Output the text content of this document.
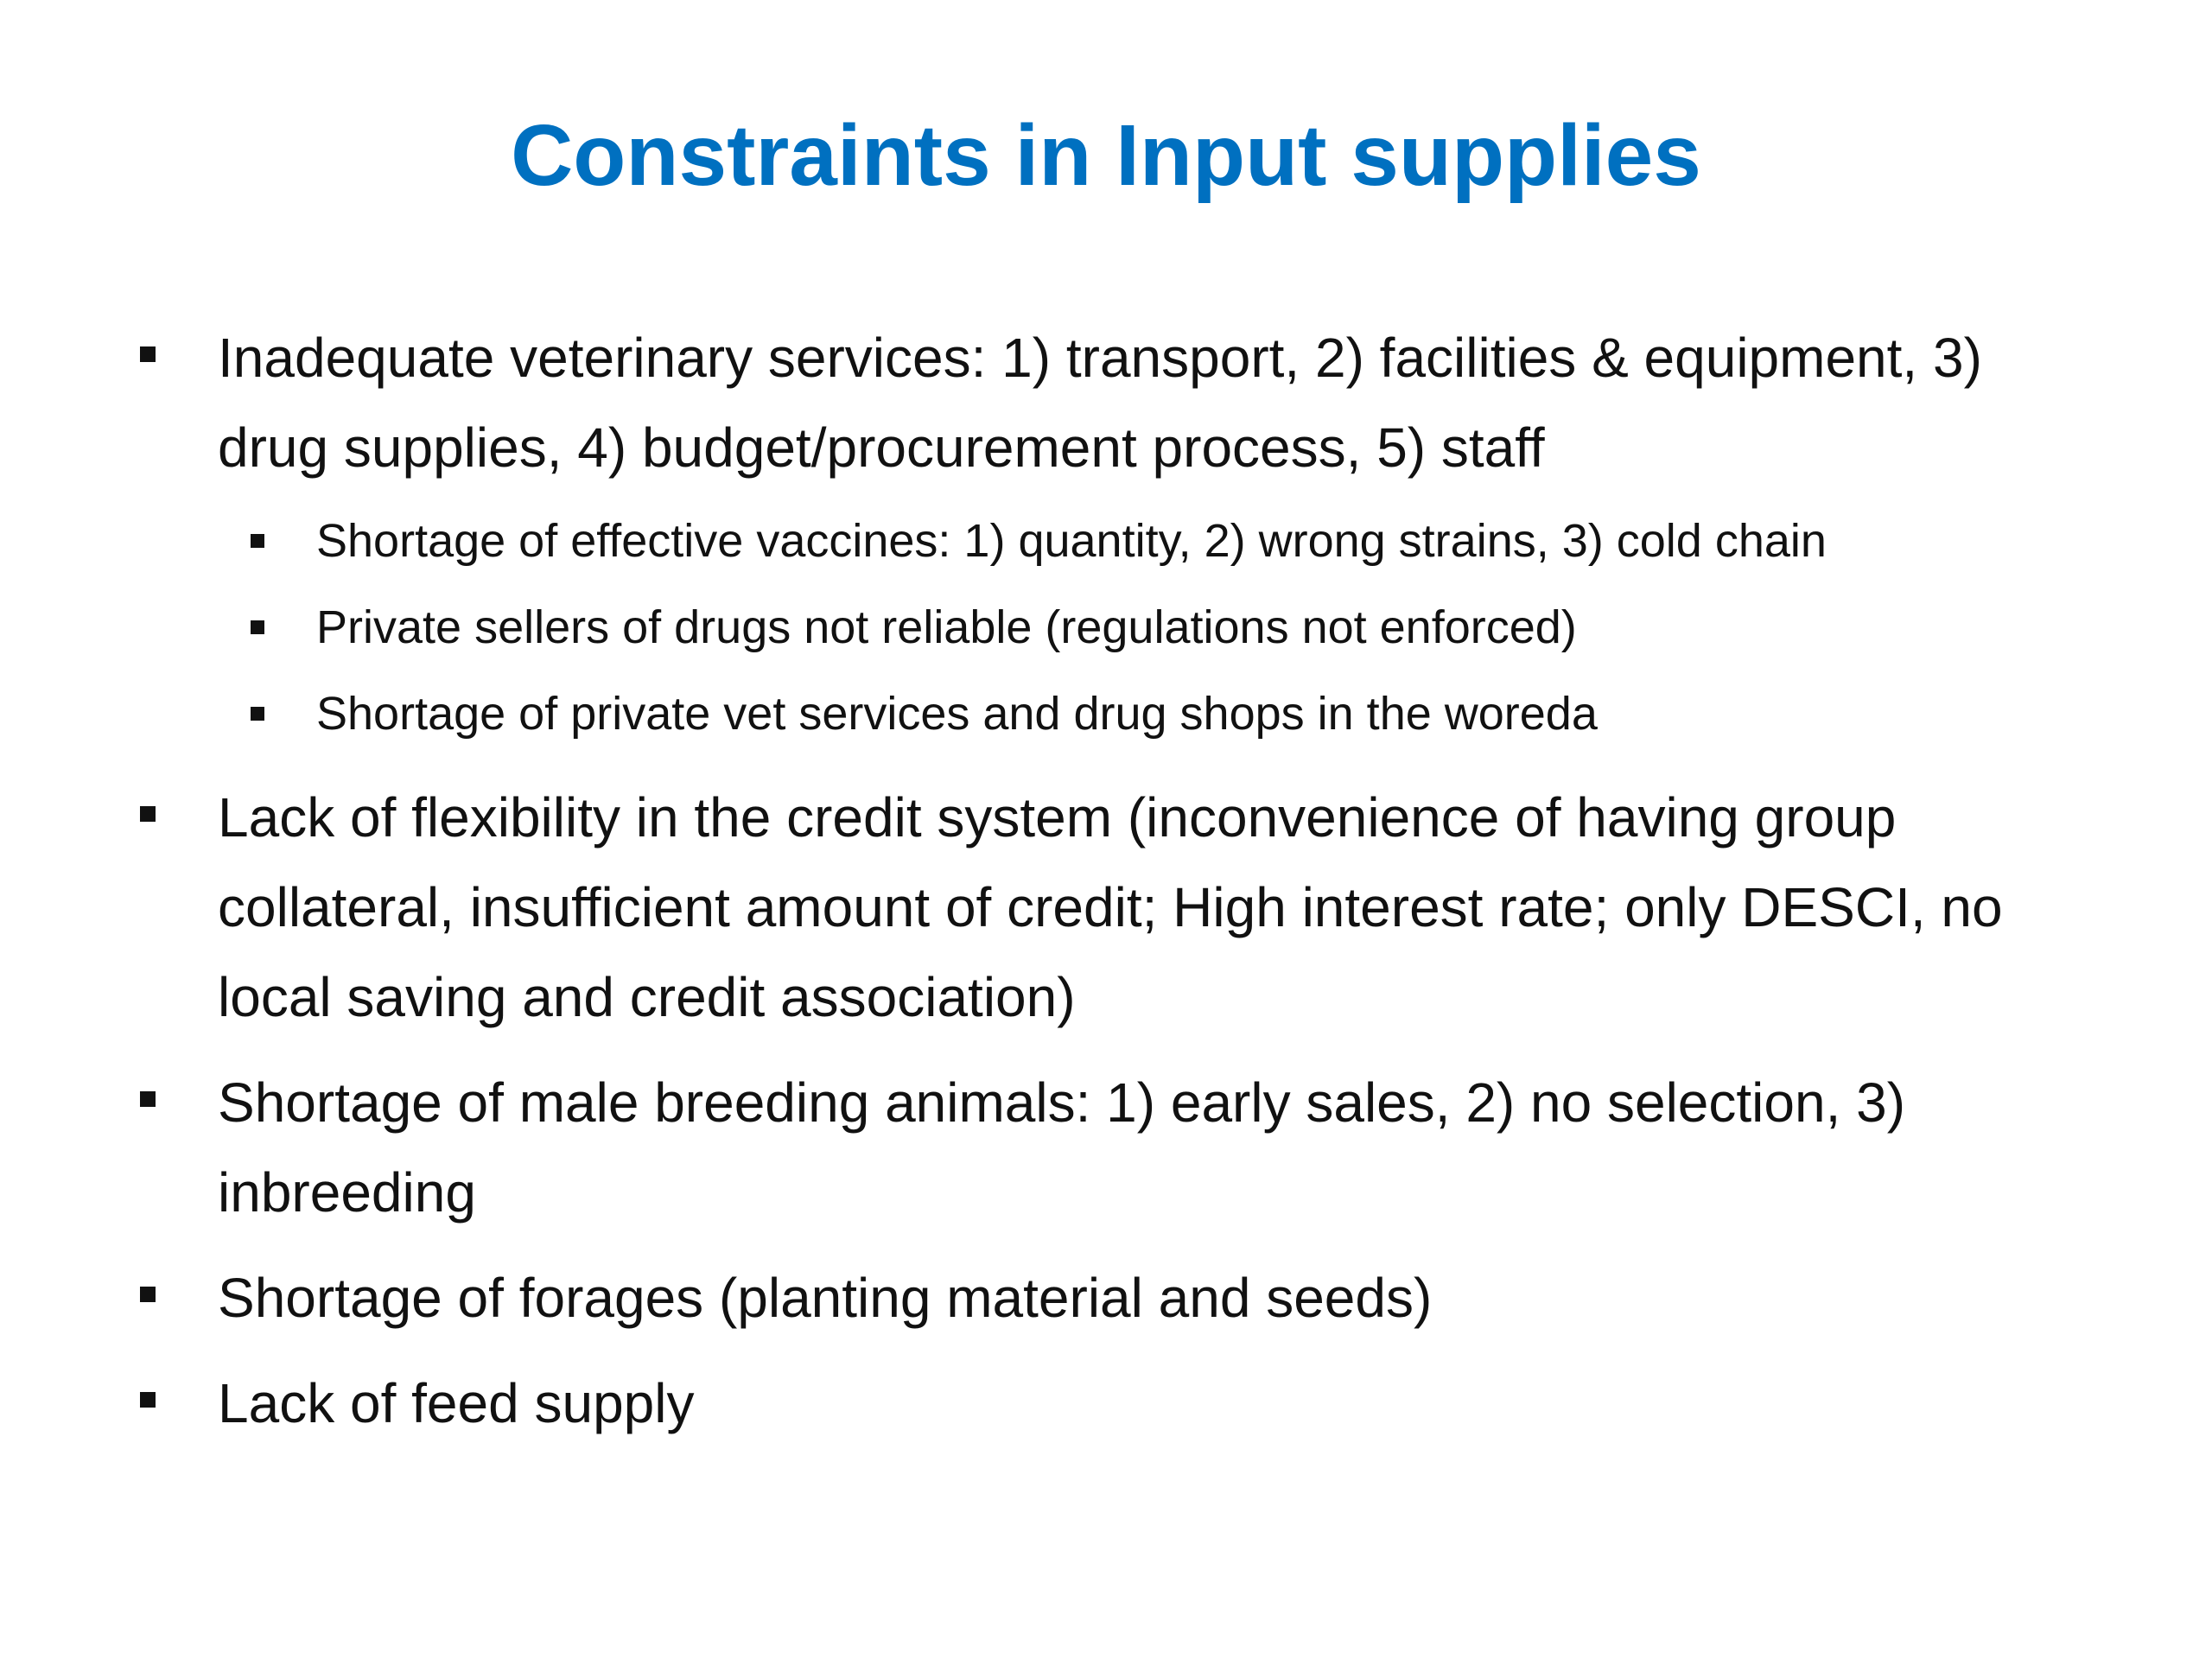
Constraints in Input supplies
Inadequate veterinary services: 1) transport, 2) facilities & equipment, 3) drug supplies, 4) budget/procurement process, 5) staff
Shortage of effective vaccines: 1) quantity, 2) wrong strains, 3) cold chain
Private sellers of drugs not reliable (regulations not enforced)
Shortage of private vet services and drug shops in the woreda
Lack of flexibility in the credit system (inconvenience of having group collateral, insufficient amount of credit; High interest rate; only DESCI, no local saving and credit association)
Shortage of male breeding animals: 1) early sales, 2) no selection, 3) inbreeding
Shortage of forages (planting material and seeds)
Lack of feed supply
